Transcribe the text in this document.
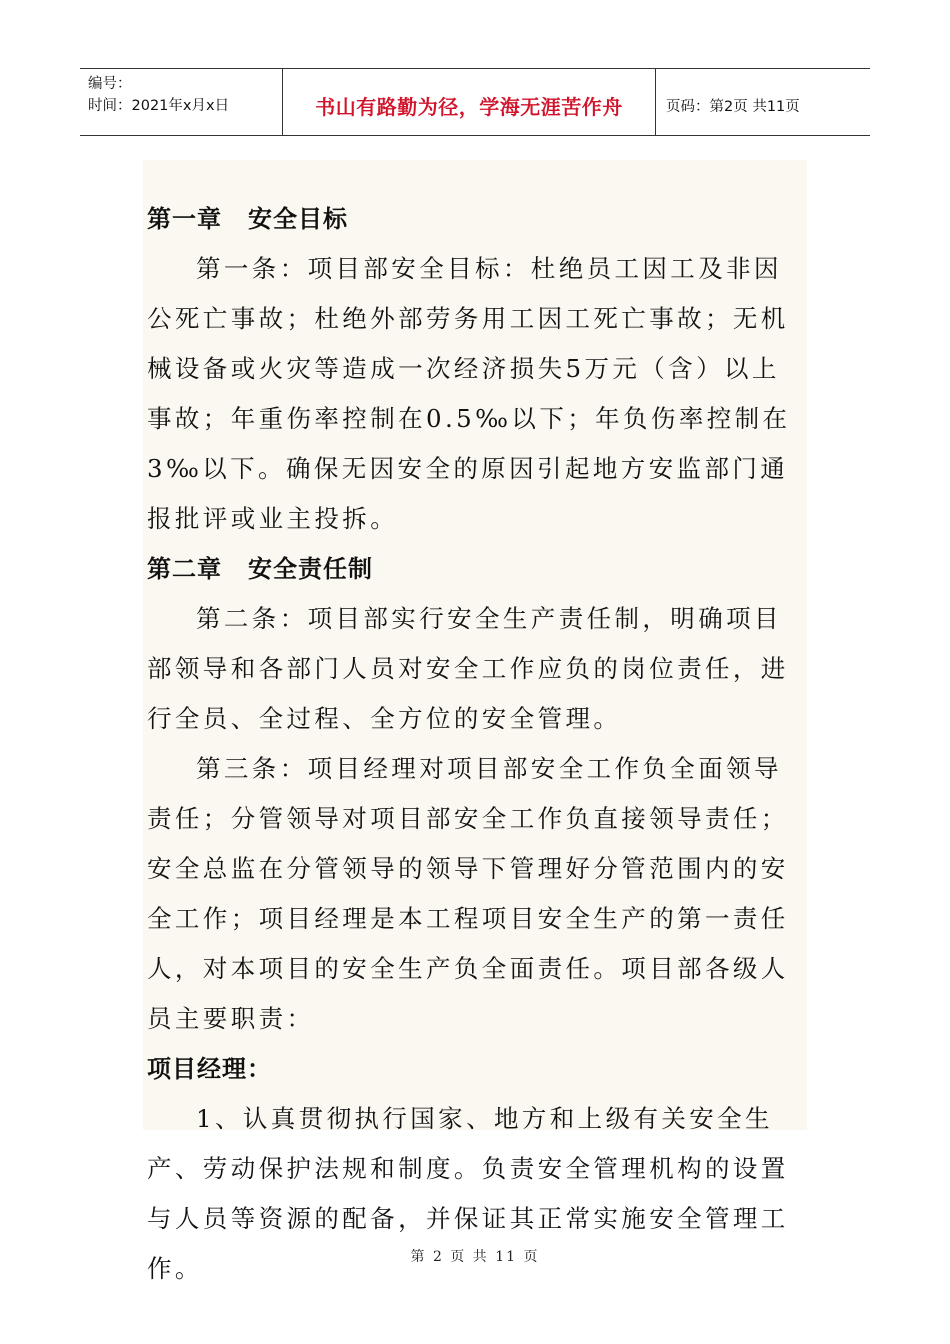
编号：
时间：2021年x月x日	书山有路勤为径，学海无涯苦作舟	页码：第2页 共11页

第一章 安全目标

第一条：项目部安全目标：杜绝员工因工及非因公死亡事故；杜绝外部劳务用工因工死亡事故；无机械设备或火灾等造成一次经济损失5万元（含）以上事故；年重伤率控制在0.5‰以下；年负伤率控制在3‰以下。确保无因安全的原因引起地方安监部门通报批评或业主投拆。

第二章 安全责任制

第二条：项目部实行安全生产责任制，明确项目部领导和各部门人员对安全工作应负的岗位责任，进行全员、全过程、全方位的安全管理。

第三条：项目经理对项目部安全工作负全面领导责任；分管领导对项目部安全工作负直接领导责任；安全总监在分管领导的领导下管理好分管范围内的安全工作；项目经理是本工程项目安全生产的第一责任人，对本项目的安全生产负全面责任。项目部各级人员主要职责：

项目经理：

1、认真贯彻执行国家、地方和上级有关安全生产、劳动保护法规和制度。负责安全管理机构的设置与人员等资源的配备，并保证其正常实施安全管理工作。	第 2 页 共 11 页
